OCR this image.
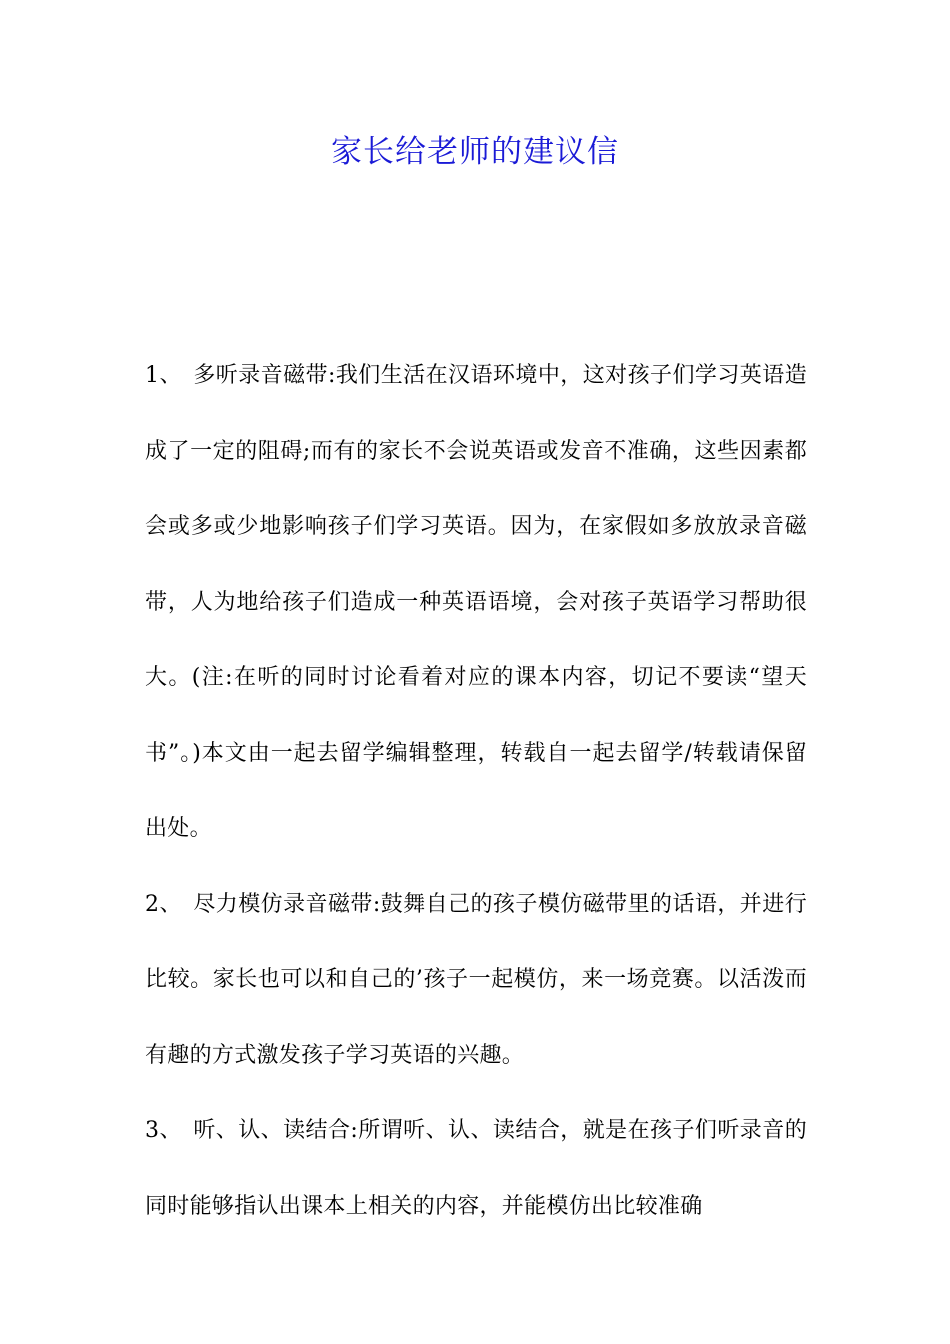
家长给老师的建议信

1、　多听录音磁带:我们生活在汉语环境中，这对孩子们学习英语造成了一定的阻碍;而有的家长不会说英语或发音不准确，这些因素都会或多或少地影响孩子们学习英语。因为，在家假如多放放录音磁带，人为地给孩子们造成一种英语语境，会对孩子英语学习帮助很大。(注:在听的同时讨论看着对应的课本内容，切记不要读“望天书”。)本文由一起去留学编辑整理，转载自一起去留学/转载请保留出处。

2、　尽力模仿录音磁带:鼓舞自己的孩子模仿磁带里的话语，并进行比较。家长也可以和自己的’孩子一起模仿，来一场竞赛。以活泼而有趣的方式激发孩子学习英语的兴趣。

3、　听、认、读结合:所谓听、认、读结合，就是在孩子们听录音的同时能够指认出课本上相关的内容，并能模仿出比较准确
